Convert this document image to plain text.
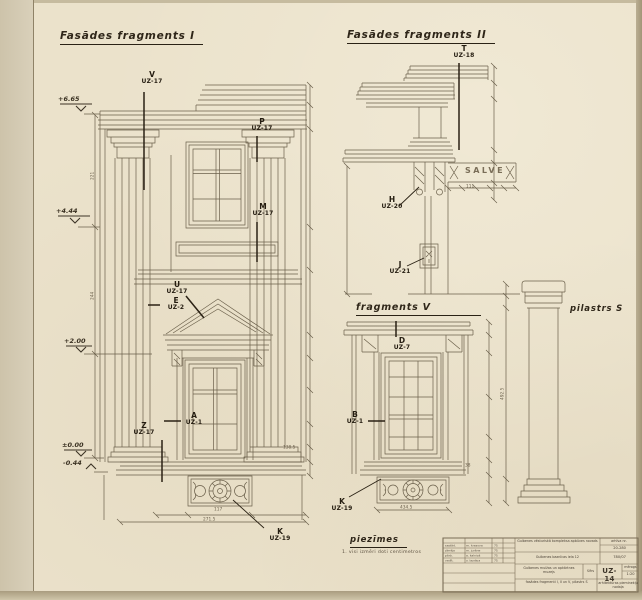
Fasādes fragments I	Fasādes fragments II
fragments V	pilastrs S
piezīmes
1. visi izmēri doti centimetros
SALVE
V
UZ-17
P
UZ-17
M
UZ-17
U
UZ-17
E
UZ-2
A
UZ-1
Z
UZ-17
K
UZ-19
T
UZ-18
H
UZ-20
J
UZ-21
D
UZ-7
B
UZ-1
K
UZ-19
+6.65
+4.44
+2.00
±0.00
-0.44
138.5
117
271.5
434.5
111
38
492.5
221
244
Gulbenes vēsturiskā kompleksa apbūves novads	arhīva nr.
20-280
Gulbenes baznīcas iela 12	780/07
Gulbenes muižas un apkārtnes muzejs	šifrs	UZ-14
mērogs
1:20
fasādes fragmenti I, II un V, pilastrs S	arhitektūras pieminekļu nodaļa
sastād.	m. krasova	75
zīmēja	m. jurāne	75
pārb.	a. kalniņš	75
vadīt.	v. lazdiņa	75
